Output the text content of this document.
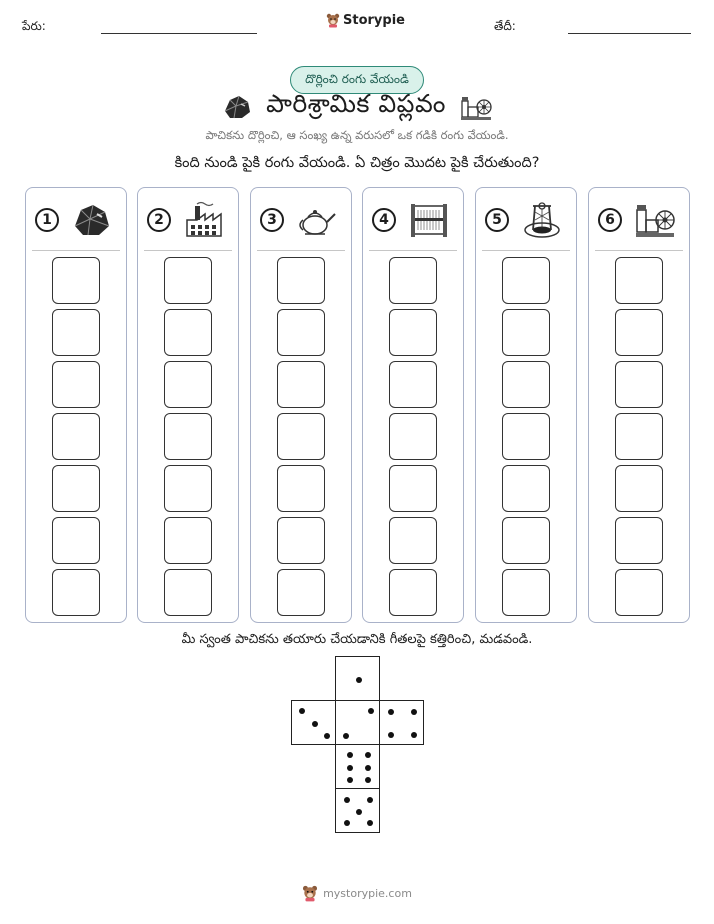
పేరు:	Storypie	తేదీ:
దొర్లించి రంగు వేయండి
పారిశ్రామిక విప్లవం
పాచికను దొర్లించి, ఆ సంఖ్య ఉన్న వరుసలో ఒక గడికి రంగు వేయండి.
కింది నుండి పైకి రంగు వేయండి. ఏ చిత్రం మొదట పైకి చేరుతుంది?
1	2	3	4	5	6
మీ స్వంత పాచికను తయారు చేయడానికి గీతలపై కత్తిరించి, మడవండి.
mystorypie.com
